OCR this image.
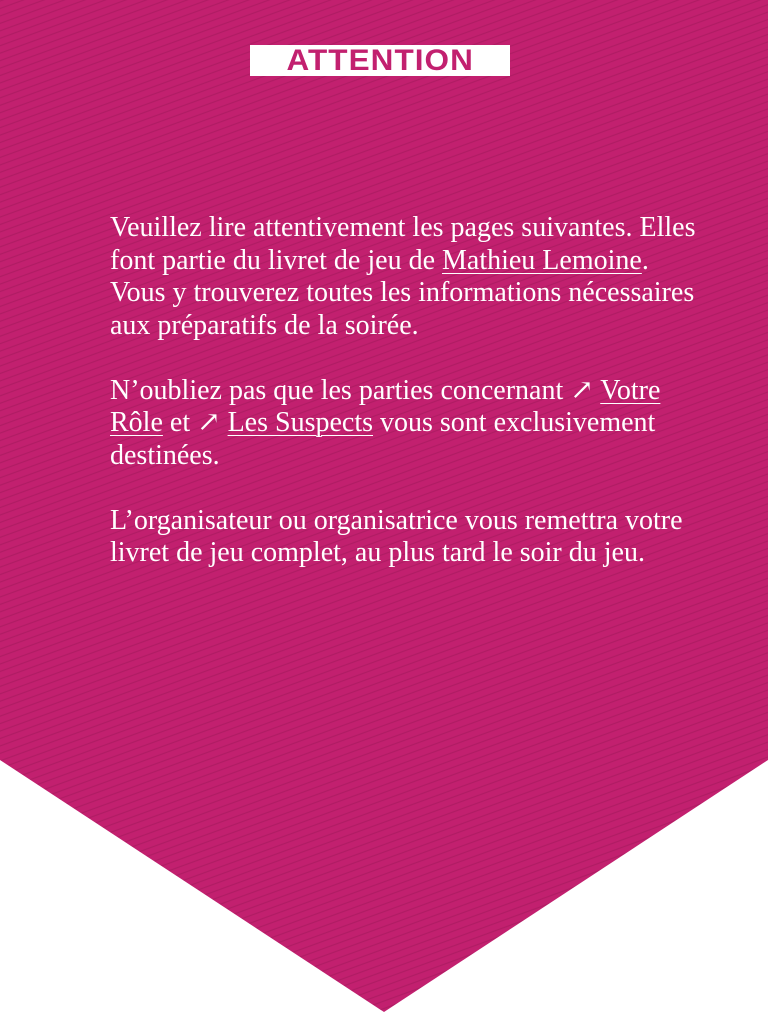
ATTENTION

Veuillez lire attentivement les pages suivantes. Elles font partie du livret de jeu de Mathieu Lemoine. Vous y trouverez toutes les informations nécessaires aux préparatifs de la soirée.

N’oubliez pas que les parties concernant ↗ Votre Rôle et ↗ Les Suspects vous sont exclusivement destinées.

L’organisateur ou organisatrice vous remettra votre livret de jeu complet, au plus tard le soir du jeu.
